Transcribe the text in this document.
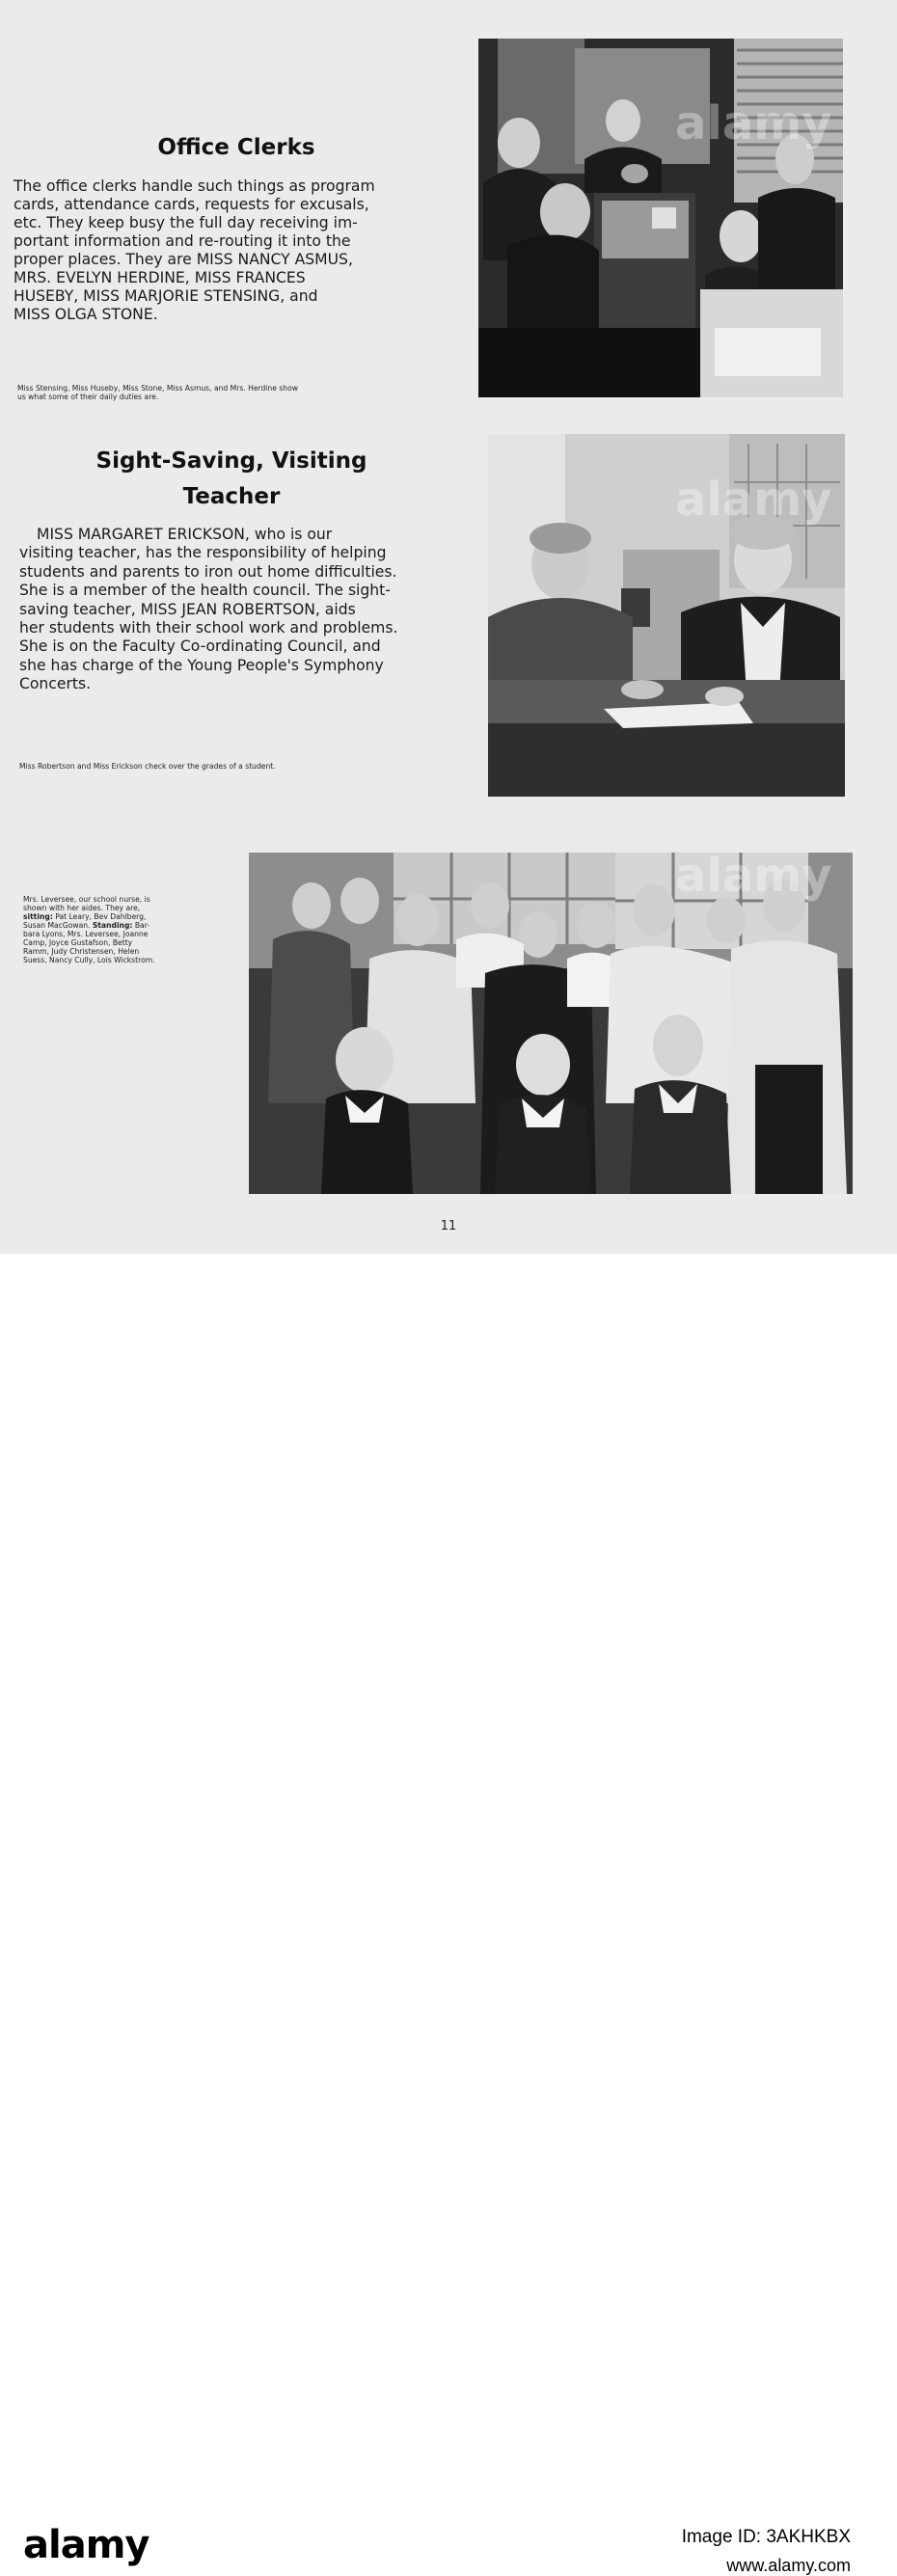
Office Clerks
The office clerks handle such things as program
cards, attendance cards, requests for excusals,
etc. They keep busy the full day receiving im-
portant information and re-routing it into the
proper places. They are MISS NANCY ASMUS,
MRS. EVELYN HERDINE, MISS FRANCES
HUSEBY, MISS MARJORIE STENSING, and
MISS OLGA STONE.
Miss Stensing, Miss Huseby, Miss Stone, Miss Asmus, and Mrs. Herdine show
us what some of their daily duties are.
Sight-Saving, Visiting
Teacher
MISS MARGARET ERICKSON, who is our
visiting teacher, has the responsibility of helping
students and parents to iron out home difficulties.
She is a member of the health council. The sight-
saving teacher, MISS JEAN ROBERTSON, aids
her students with their school work and problems.
She is on the Faculty Co-ordinating Council, and
she has charge of the Young People's Symphony
Concerts.
Miss Robertson and Miss Erickson check over the grades of a student.
Mrs. Leversee, our school nurse, is
shown with her aides. They are,
sitting: Pat Leary, Bev Dahlberg,
Susan MacGowan. Standing: Bar-
bara Lyons, Mrs. Leversee, Joanne
Camp, Joyce Gustafson, Betty
Ramm, Judy Christensen, Helen
Suess, Nancy Cully, Lois Wickstrom.
11
alamy
alamy
alamy
alamy	Image ID: 3AKHKBX
www.alamy.com
